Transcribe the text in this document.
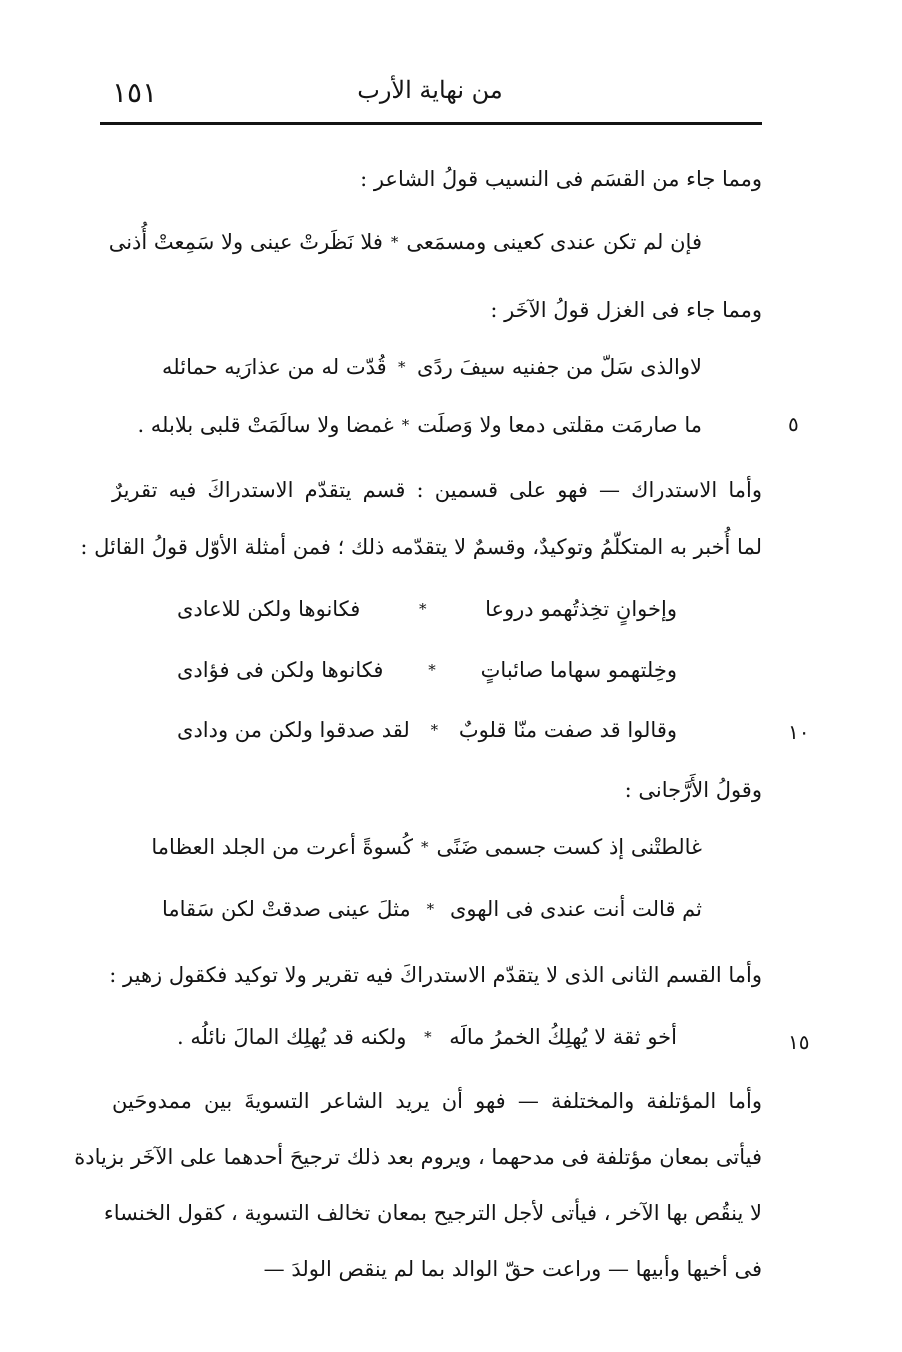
١٥١	من نهاية الأرب
ومما جاء من القسَم فى النسيب قولُ الشاعر :
فإن لم تكن عندى كعينى ومسمَعى
*
فلا نَظَرتْ عينى ولا سَمِعتْ أُذنى
ومما جاء فى الغزل قولُ الآخَر :
لاوالذى سَلّ من جفنيه سيفَ ردًى
*
قُدّت له من عذارَيه حمائله
ما صارمَت مقلتى دمعا ولا وَصلَت
*
غمضا ولا سالَمَتْ قلبى بلابله .	٥
وأما الاستدراك — فهو على قسمين : قسم يتقدّم الاستدراكَ فيه تقريرٌ
لما أُخبر به المتكلّمُ وتوكيدٌ، وقسمٌ لا يتقدّمه ذلك ؛ فمن أمثلة الأوّل قولُ القائل :
وإخوانٍ تخِذتُهمو دروعا
*
فكانوها ولكن للاعادى
وخِلتهمو سهاما صائباتٍ
*
فكانوها ولكن فى فؤادى
وقالوا قد صفت منّا قلوبٌ
*
لقد صدقوا ولكن من ودادى	١٠
وقولُ الأَرَّجانى :
غالطتْنى إذ كست جسمى ضَنًى
*
كُسوةً أعرت من الجلد العظاما
ثم قالت أنت عندى فى الهوى
*
مثلَ عينى صدقتْ لكن سَقاما
وأما القسم الثانى الذى لا يتقدّم الاستدراكَ فيه تقرير ولا توكيد فكقول زهير :
أخو ثقة لا يُهلِكُ الخمرُ مالَه
*
ولكنه قد يُهلِك المالَ نائلُه .	١٥
وأما المؤتلفة والمختلفة — فهو أن يريد الشاعر التسويةَ بين ممدوحَين
فيأتى بمعان مؤتلفة فى مدحهما ، ويروم بعد ذلك ترجيحَ أحدهما على الآخَر بزيادة
لا ينقُص بها الآخر ، فيأتى لأجل الترجيح بمعان تخالف التسوية ، كقول الخنساء
فى أخيها وأبيها — وراعت حقّ الوالد بما لم ينقص الولدَ —
